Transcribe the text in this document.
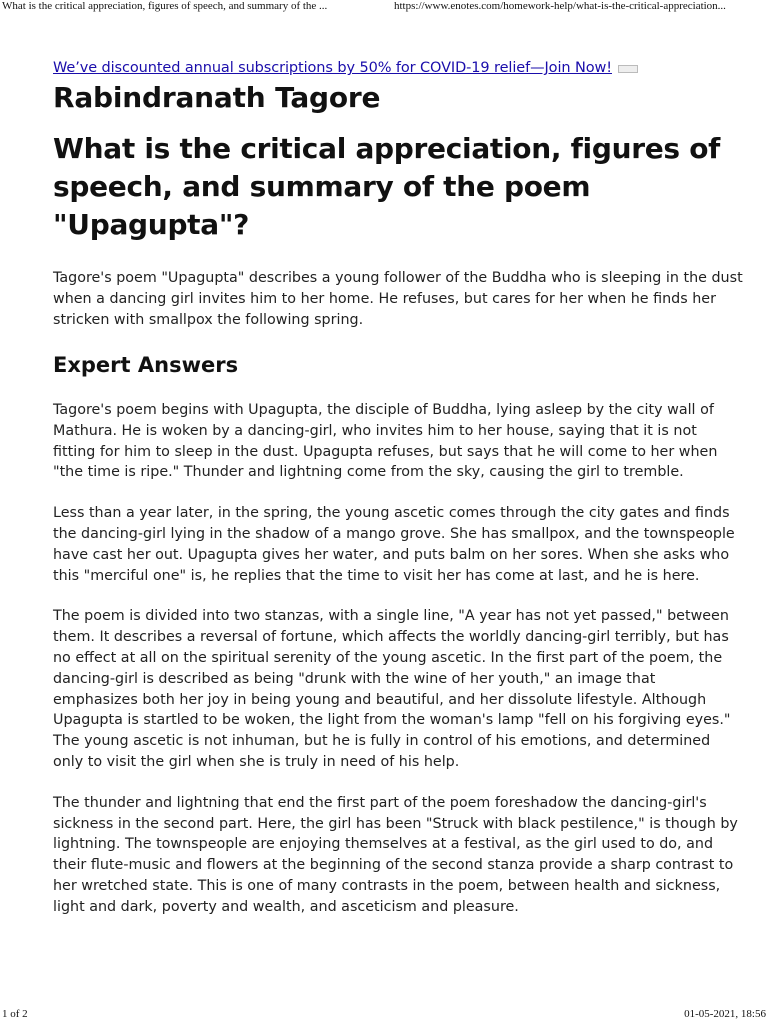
What is the critical appreciation, figures of speech, and summary of the ...	https://www.enotes.com/homework-help/what-is-the-critical-appreciation...
We’ve discounted annual subscriptions by 50% for COVID-19 relief—Join Now!
Rabindranath Tagore
What is the critical appreciation, figures of speech, and summary of the poem "Upagupta"?

Tagore's poem "Upagupta" describes a young follower of the Buddha who is sleeping in the dust when a dancing girl invites him to her home. He refuses, but cares for her when he finds her stricken with smallpox the following spring.

Expert Answers

Tagore's poem begins with Upagupta, the disciple of Buddha, lying asleep by the city wall of Mathura. He is woken by a dancing-girl, who invites him to her house, saying that it is not fitting for him to sleep in the dust. Upagupta refuses, but says that he will come to her when "the time is ripe." Thunder and lightning come from the sky, causing the girl to tremble.

Less than a year later, in the spring, the young ascetic comes through the city gates and finds the dancing-girl lying in the shadow of a mango grove. She has smallpox, and the townspeople have cast her out. Upagupta gives her water, and puts balm on her sores. When she asks who this "merciful one" is, he replies that the time to visit her has come at last, and he is here.

The poem is divided into two stanzas, with a single line, "A year has not yet passed," between them. It describes a reversal of fortune, which affects the worldly dancing-girl terribly, but has no effect at all on the spiritual serenity of the young ascetic. In the first part of the poem, the dancing-girl is described as being "drunk with the wine of her youth," an image that emphasizes both her joy in being young and beautiful, and her dissolute lifestyle. Although Upagupta is startled to be woken, the light from the woman's lamp "fell on his forgiving eyes." The young ascetic is not inhuman, but he is fully in control of his emotions, and determined only to visit the girl when she is truly in need of his help.

The thunder and lightning that end the first part of the poem foreshadow the dancing-girl's sickness in the second part. Here, the girl has been "Struck with black pestilence," is though by lightning. The townspeople are enjoying themselves at a festival, as the girl used to do, and their flute-music and flowers at the beginning of the second stanza provide a sharp contrast to her wretched state. This is one of many contrasts in the poem, between health and sickness, light and dark, poverty and wealth, and asceticism and pleasure.

1 of 2	01-05-2021, 18:56
